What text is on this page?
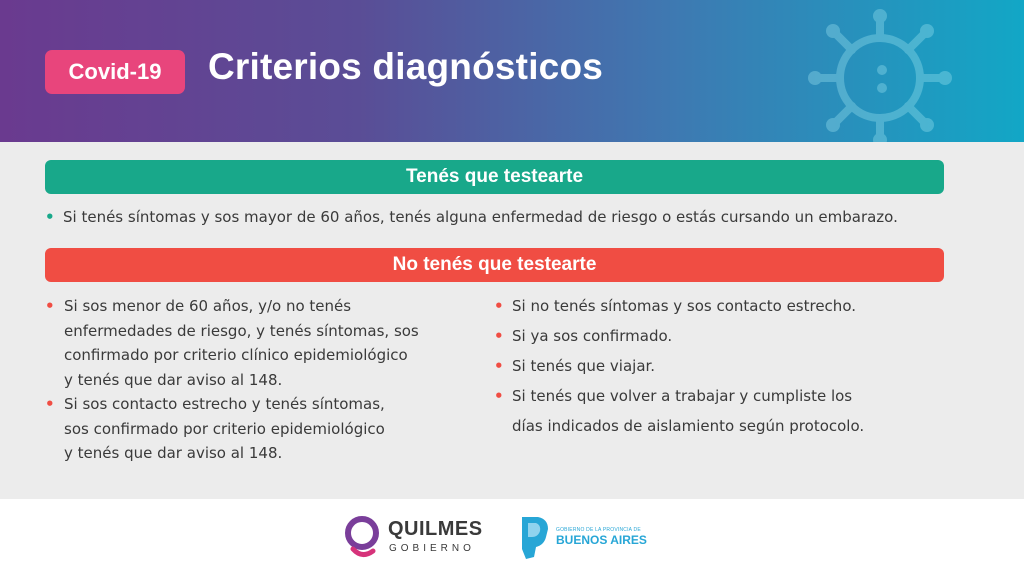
Covid-19	Criterios diagnósticos
Tenés que testearte
• Si tenés síntomas y sos mayor de 60 años, tenés alguna enfermedad de riesgo o estás cursando un embarazo.
No tenés que testearte
• Si sos menor de 60 años, y/o no tenés
enfermedades de riesgo, y tenés síntomas, sos
confirmado por criterio clínico epidemiológico
y tenés que dar aviso al 148.
• Si sos contacto estrecho y tenés síntomas,
sos confirmado por criterio epidemiológico
y tenés que dar aviso al 148.
• Si no tenés síntomas y sos contacto estrecho.
• Si ya sos confirmado.
• Si tenés que viajar.
• Si tenés que volver a trabajar y cumpliste los
días indicados de aislamiento según protocolo.
QUILMES
GOBIERNO
GOBIERNO DE LA PROVINCIA DE
BUENOS AIRES
